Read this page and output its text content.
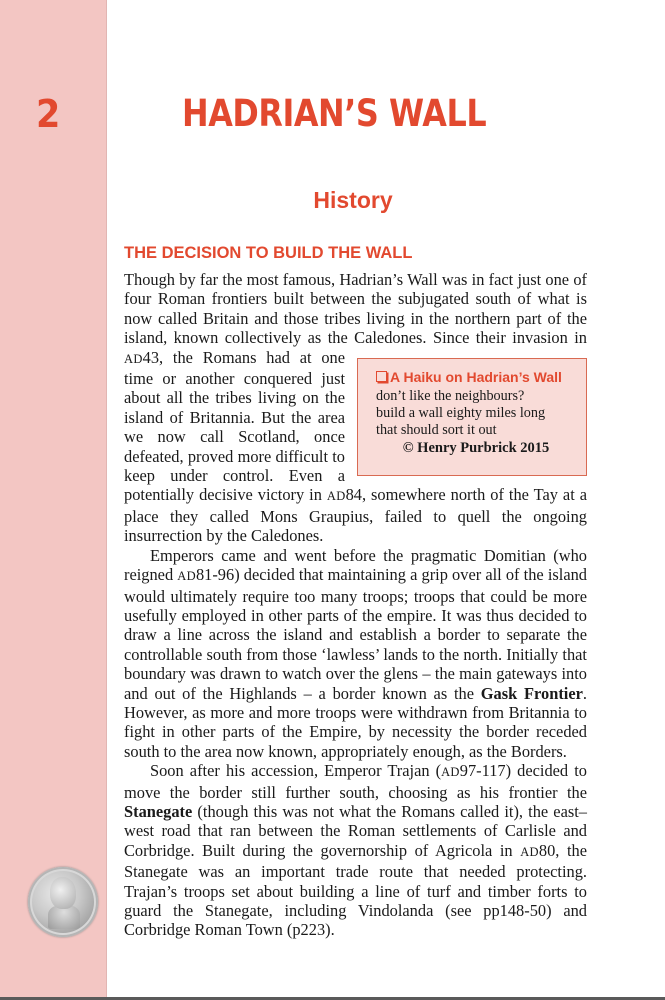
2	HADRIAN’S WALL
History
THE DECISION TO BUILD THE WALL

Though by far the most famous, Hadrian’s Wall was in fact just one of four Roman frontiers built between the subjugated south of what is now called Britain and those tribes living in the northern part of the island, known collectively as the Caledones. Since their invasion in AD43, the Romans had at one
A Haiku on Hadrian’s Wall
don’t like the neighbours?
build a wall eighty miles long
that should sort it out
© Henry Purbrick 2015
time or another conquered just about all the tribes living on the island of Britannia. But the area we now call Scotland, once defeated, proved more difficult to keep under control. Even a potentially decisive victory in AD84, somewhere north of the Tay at a place they called Mons Graupius, failed to quell the ongoing insurrection by the Caledones.

Emperors came and went before the pragmatic Domitian (who reigned AD81-96) decided that maintaining a grip over all of the island would ultimately require too many troops; troops that could be more usefully employed in other parts of the empire. It was thus decided to draw a line across the island and establish a border to separate the controllable south from those ‘lawless’ lands to the north. Initially that boundary was drawn to watch over the glens – the main gateways into and out of the Highlands – a border known as the Gask Frontier. However, as more and more troops were withdrawn from Britannia to fight in other parts of the Empire, by necessity the border receded south to the area now known, appropriately enough, as the Borders.

Soon after his accession, Emperor Trajan (AD97-117) decided to move the border still further south, choosing as his frontier the Stanegate (though this was not what the Romans called it), the east–west road that ran between the Roman settlements of Carlisle and Corbridge. Built during the governorship of Agricola in AD80, the Stanegate was an important trade route that needed protecting. Trajan’s troops set about building a line of turf and timber forts to guard the Stanegate, including Vindolanda (see pp148-50) and Corbridge Roman Town (p223).
